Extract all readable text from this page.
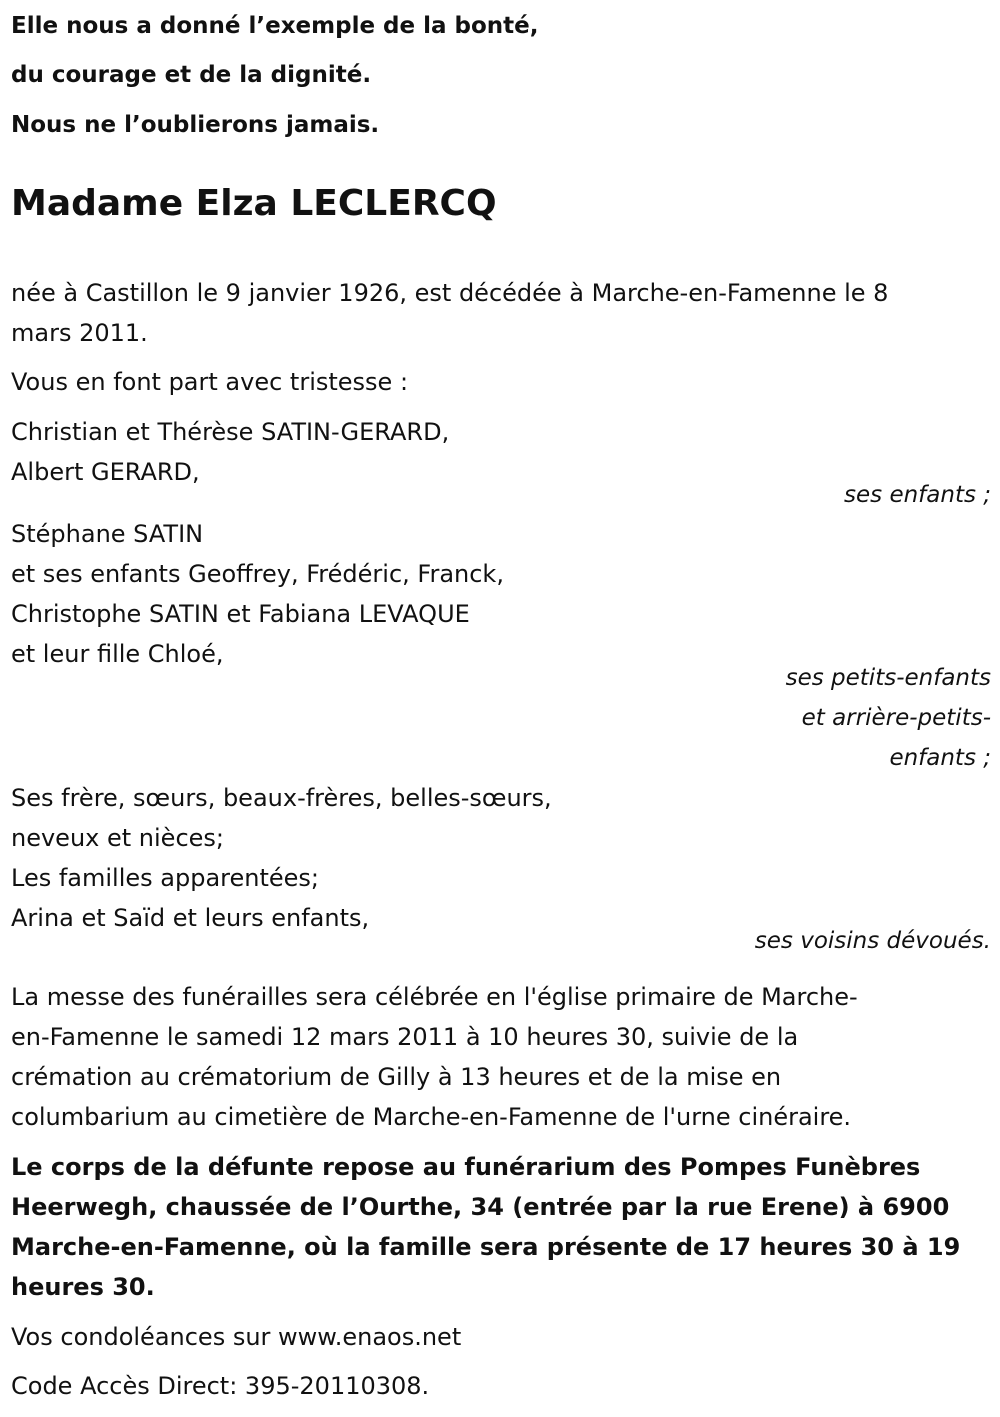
Elle nous a donné l’exemple de la bonté,
du courage et de la dignité.
Nous ne l’oublierons jamais.
Madame Elza LECLERCQ
née à Castillon le 9 janvier 1926, est décédée à Marche-en-Famenne le 8
mars 2011.
Vous en font part avec tristesse :
Christian et Thérèse SATIN-GERARD,
Albert GERARD,
ses enfants ;
Stéphane SATIN
et ses enfants Geoffrey, Frédéric, Franck,
Christophe SATIN et Fabiana LEVAQUE
et leur fille Chloé,
ses petits-enfants
et arrière-petits-
enfants ;
Ses frère, sœurs, beaux-frères, belles-sœurs,
neveux et nièces;
Les familles apparentées;
Arina et Saïd et leurs enfants,
ses voisins dévoués.
La messe des funérailles sera célébrée en l'église primaire de Marche-
en-Famenne le samedi 12 mars 2011 à 10 heures 30, suivie de la
crémation au crématorium de Gilly à 13 heures et de la mise en
columbarium au cimetière de Marche-en-Famenne de l'urne cinéraire.
Le corps de la défunte repose au funérarium des Pompes Funèbres
Heerwegh, chaussée de l’Ourthe, 34 (entrée par la rue Erene) à 6900
Marche-en-Famenne, où la famille sera présente de 17 heures 30 à 19
heures 30.
Vos condoléances sur www.enaos.net
Code Accès Direct: 395-20110308.
